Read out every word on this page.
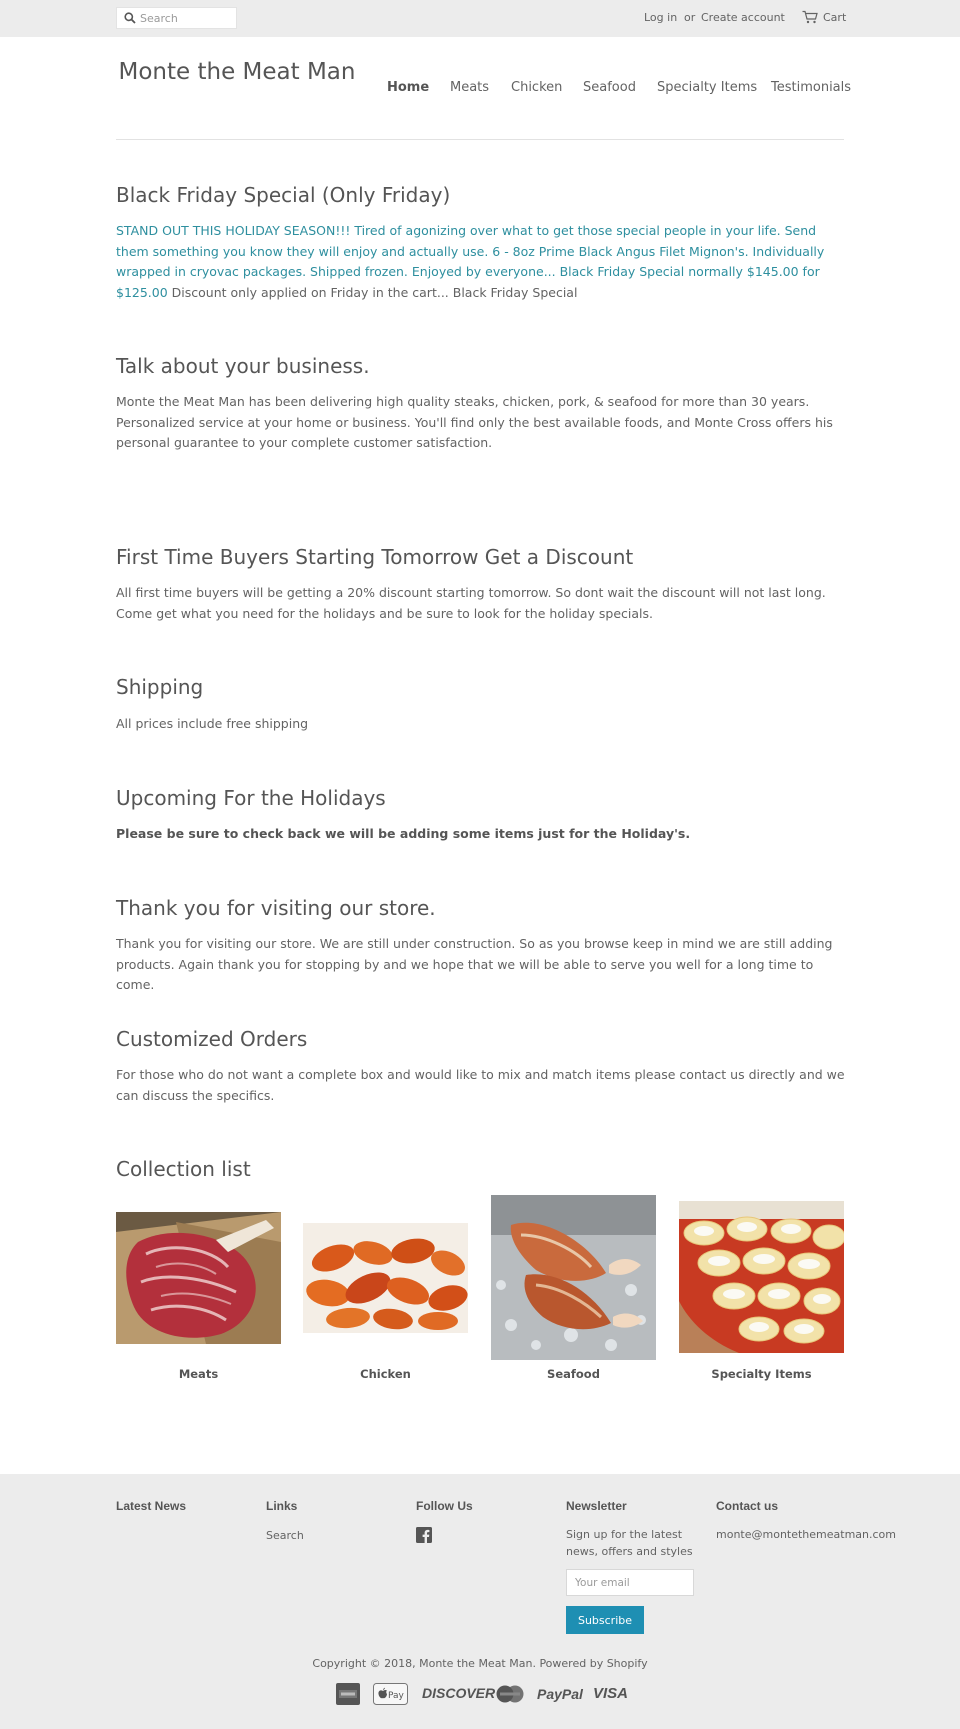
Search
Log in or Create account	Cart
Monte the Meat Man
Home Meats Chicken Seafood Specialty Items Testimonials
Black Friday Special (Only Friday)

STAND OUT THIS HOLIDAY SEASON!!! Tired of agonizing over what to get those special people in your life. Send them something you know they will enjoy and actually use. 6 - 8oz Prime Black Angus Filet Mignon's. Individually wrapped in cryovac packages. Shipped frozen. Enjoyed by everyone... Black Friday Special normally $145.00 for $125.00 Discount only applied on Friday in the cart... Black Friday Special

Talk about your business.

Monte the Meat Man has been delivering high quality steaks, chicken, pork, & seafood for more than 30 years. Personalized service at your home or business. You'll find only the best available foods, and Monte Cross offers his personal guarantee to your complete customer satisfaction.

First Time Buyers Starting Tomorrow Get a Discount

All first time buyers will be getting a 20% discount starting tomorrow. So dont wait the discount will not last long. Come get what you need for the holidays and be sure to look for the holiday specials.

Shipping

All prices include free shipping

Upcoming For the Holidays

Please be sure to check back we will be adding some items just for the Holiday's.

Thank you for visiting our store.

Thank you for visiting our store. We are still under construction. So as you browse keep in mind we are still adding products. Again thank you for stopping by and we hope that we will be able to serve you well for a long time to come.

Customized Orders

For those who do not want a complete box and would like to mix and match items please contact us directly and we can discuss the specifics.

Collection list
Meats	Chicken	Seafood	Specialty Items
Latest News	Links
Search
Follow Us	Newsletter
Sign up for the latest news, offers and styles
Your email
Subscribe
Contact us
monte@montethemeatman.com
Copyright © 2018, Monte the Meat Man. Powered by Shopify
Pay DISCOVER	PayPal VISA
